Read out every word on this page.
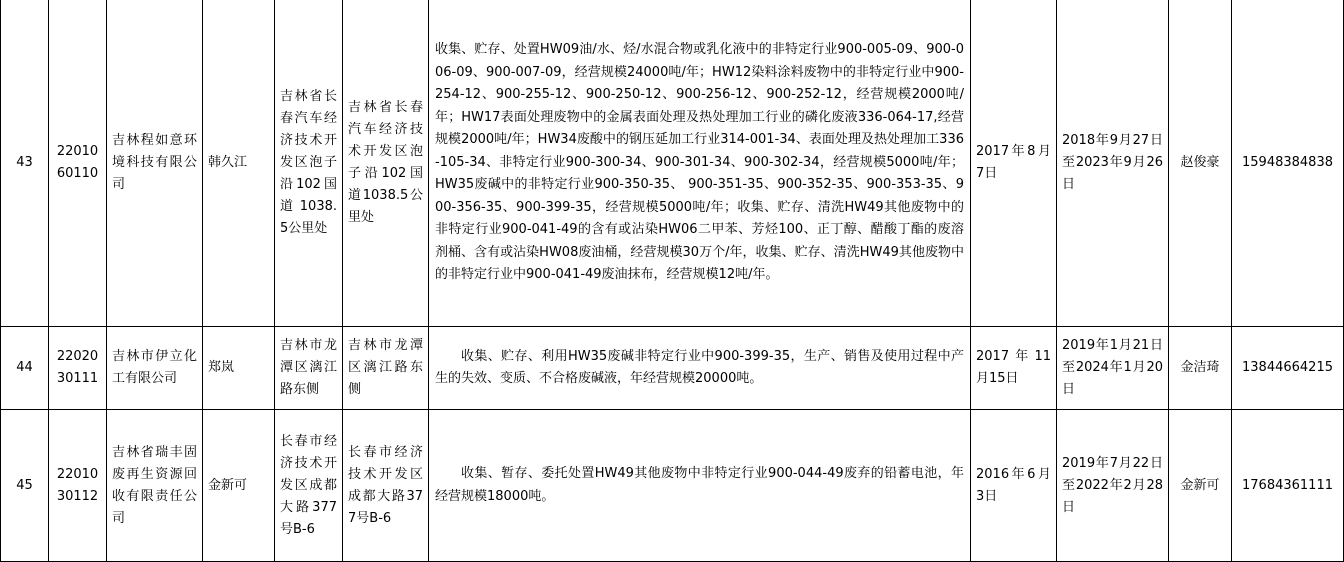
43	2201060110	吉林程如意环境科技有限公司	韩久江	吉林省长春汽车经济技术开发区泡子沿102国道1038.5公里处	吉林省长春汽车经济技术开发区泡子沿102国道1038.5公里处	收集、贮存、处置HW09油/水、烃/水混合物或乳化液中的非特定行业900-005-09、900-006-09、900-007-09，经营规模24000吨/年；HW12染料涂料废物中的非特定行业中900-254-12、900-255-12、900-250-12、900-256-12、900-252-12，经营规模2000吨/年；HW17表面处理废物中的金属表面处理及热处理加工行业的磷化废液336-064-17,经营规模2000吨/年；HW34废酸中的钢压延加工行业314-001-34、表面处理及热处理加工336-105-34、非特定行业900-300-34、900-301-34、900-302-34，经营规模5000吨/年； HW35废碱中的非特定行业900-350-35、 900-351-35、900-352-35、900-353-35、900-356-35、900-399-35，经营规模5000吨/年；收集、贮存、清洗HW49其他废物中的非特定行业900-041-49的含有或沾染HW06二甲苯、芳烃100、正丁醇、醋酸丁酯的废溶剂桶、含有或沾染HW08废油桶，经营规模30万个/年，收集、贮存、清洗HW49其他废物中的非特定行业中900-041-49废油抹布，经营规模12吨/年。	2017年8月7日	2018年9月27日至2023年9月26日	赵俊豪	15948384838
44	2202030111	吉林市伊立化工有限公司	郑岚	吉林市龙潭区漓江路东侧	吉林市龙潭区漓江路东侧	收集、贮存、利用HW35废碱非特定行业中900-399-35，生产、销售及使用过程中产生的失效、变质、不合格废碱液，年经营规模20000吨。	2017年11月15日	2019年1月21日至2024年1月20日	金洁琦	13844664215
45	2201030112	吉林省瑞丰固废再生资源回收有限责任公司	金新可	长春市经济技术开发区成都大路377号B-6	长春市经济技术开发区成都大路377号B-6	收集、暂存、委托处置HW49其他废物中非特定行业900-044-49废弃的铅蓄电池，年经营规模18000吨。	2016年6月3日	2019年7月22日至2022年2月28日	金新可	17684361111
